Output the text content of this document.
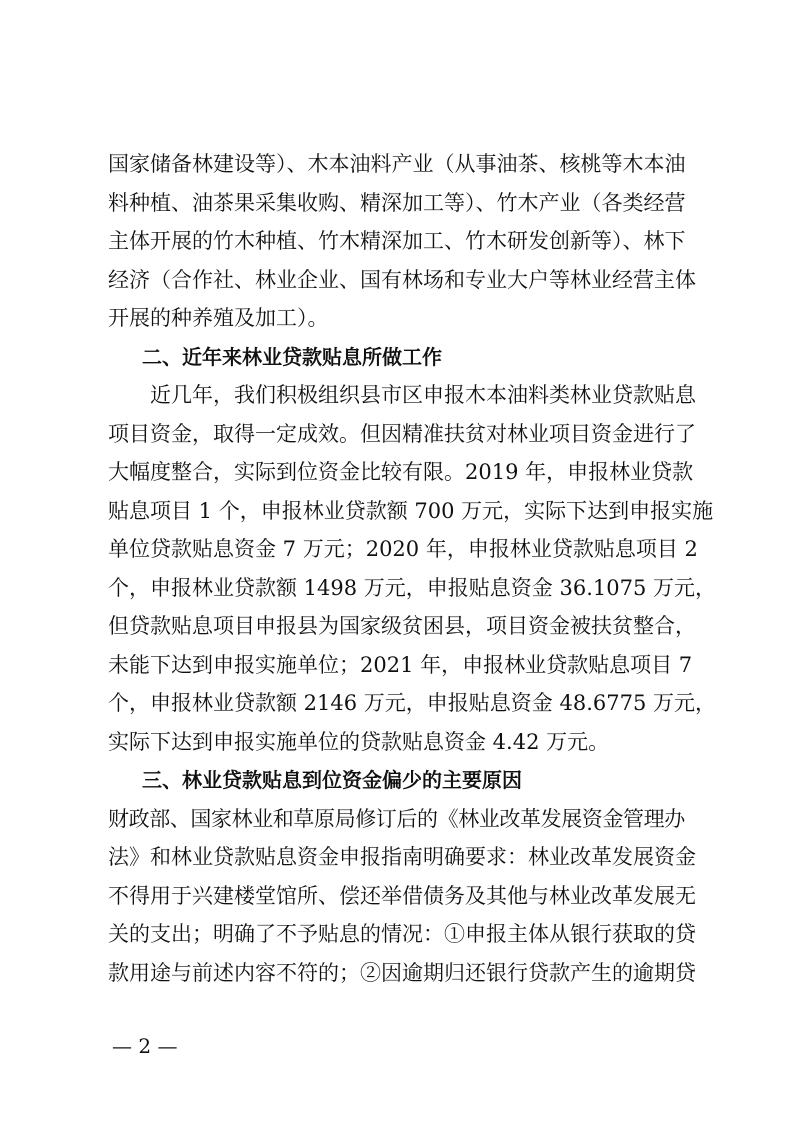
国家储备林建设等）、木本油料产业（从事油茶、核桃等木本油
料种植、油茶果采集收购、精深加工等）、竹木产业（各类经营
主体开展的竹木种植、竹木精深加工、竹木研发创新等）、林下
经济（合作社、林业企业、国有林场和专业大户等林业经营主体
开展的种养殖及加工）。
二、近年来林业贷款贴息所做工作
近几年，我们积极组织县市区申报木本油料类林业贷款贴息
项目资金，取得一定成效。但因精准扶贫对林业项目资金进行了
大幅度整合，实际到位资金比较有限。2019 年，申报林业贷款
贴息项目 1 个，申报林业贷款额 700 万元，实际下达到申报实施
单位贷款贴息资金 7 万元；2020 年，申报林业贷款贴息项目 2
个，申报林业贷款额 1498 万元，申报贴息资金 36.1075 万元，
但贷款贴息项目申报县为国家级贫困县，项目资金被扶贫整合，
未能下达到申报实施单位；2021 年，申报林业贷款贴息项目 7
个，申报林业贷款额 2146 万元，申报贴息资金 48.6775 万元，
实际下达到申报实施单位的贷款贴息资金 4.42 万元。
三、林业贷款贴息到位资金偏少的主要原因
财政部、国家林业和草原局修订后的《林业改革发展资金管理办
法》和林业贷款贴息资金申报指南明确要求：林业改革发展资金
不得用于兴建楼堂馆所、偿还举借债务及其他与林业改革发展无
关的支出；明确了不予贴息的情况：①申报主体从银行获取的贷
款用途与前述内容不符的；②因逾期归还银行贷款产生的逾期贷
— 2 —
